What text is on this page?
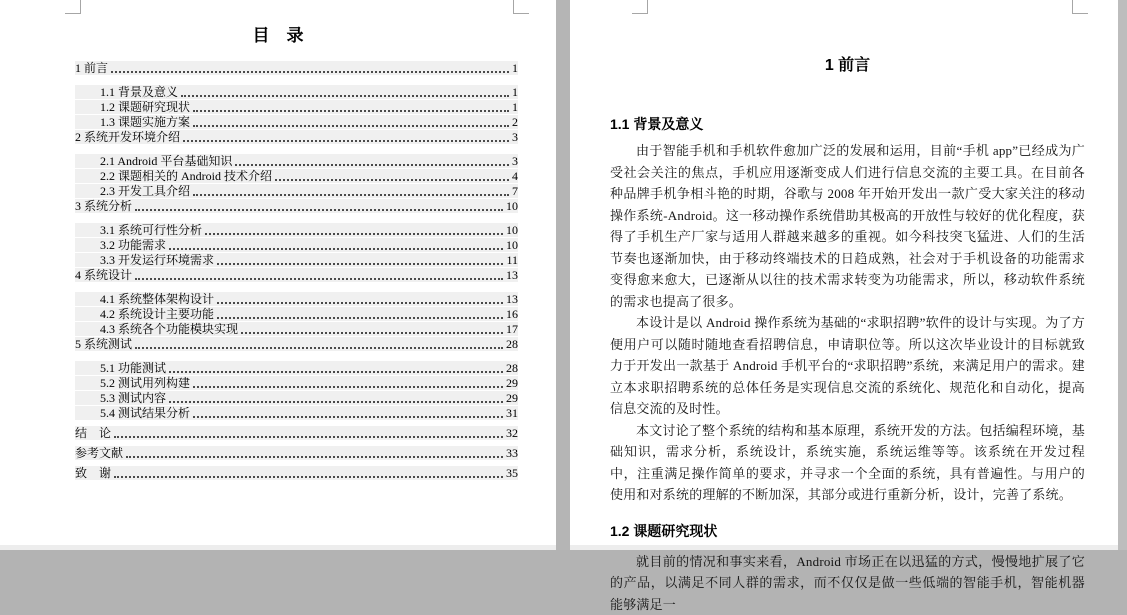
目　录
1 前言	1
1.1 背景及意义	1
1.2 课题研究现状	1
1.3 课题实施方案	2
2 系统开发环境介绍	3
2.1 Android 平台基础知识	3
2.2 课题相关的 Android 技术介绍	4
2.3 开发工具介绍	7
3 系统分析	10
3.1 系统可行性分析	10
3.2 功能需求	10
3.3 开发运行环境需求	11
4 系统设计	13
4.1 系统整体架构设计	13
4.2 系统设计主要功能	16
4.3 系统各个功能模块实现	17
5 系统测试	28
5.1 功能测试	28
5.2 测试用列构建	29
5.3 测试内容	29
5.4 测试结果分析	31
结　论	32
参考文献	33
致　谢	35
1 前言
1.1 背景及意义

由于智能手机和手机软件愈加广泛的发展和运用，目前“手机 app”已经成为广受社会关注的焦点，手机应用逐渐变成人们进行信息交流的主要工具。在目前各种品牌手机争相斗艳的时期，谷歌与 2008 年开始开发出一款广受大家关注的移动操作系统-Android。这一移动操作系统借助其极高的开放性与较好的优化程度，获得了手机生产厂家与适用人群越来越多的重视。如今科技突飞猛进、人们的生活节奏也逐渐加快，由于移动终端技术的日趋成熟，社会对于手机设备的功能需求变得愈来愈大，已逐渐从以往的技术需求转变为功能需求，所以，移动软件系统的需求也提高了很多。

本设计是以 Android 操作系统为基础的“求职招聘”软件的设计与实现。为了方便用户可以随时随地查看招聘信息，申请职位等。所以这次毕业设计的目标就致力于开发出一款基于 Android 手机平台的“求职招聘”系统，来满足用户的需求。建立本求职招聘系统的总体任务是实现信息交流的系统化、规范化和自动化，提高信息交流的及时性。

本文讨论了整个系统的结构和基本原理，系统开发的方法。包括编程环境，基础知识，需求分析，系统设计，系统实施，系统运维等等。该系统在开发过程中，注重满足操作简单的要求，并寻求一个全面的系统，具有普遍性。与用户的使用和对系统的理解的不断加深，其部分或进行重新分析，设计，完善了系统。

1.2 课题研究现状

就目前的情况和事实来看，Android 市场正在以迅猛的方式，慢慢地扩展了它的产品，以满足不同人群的需求，而不仅仅是做一些低端的智能手机，智能机器能够满足一
